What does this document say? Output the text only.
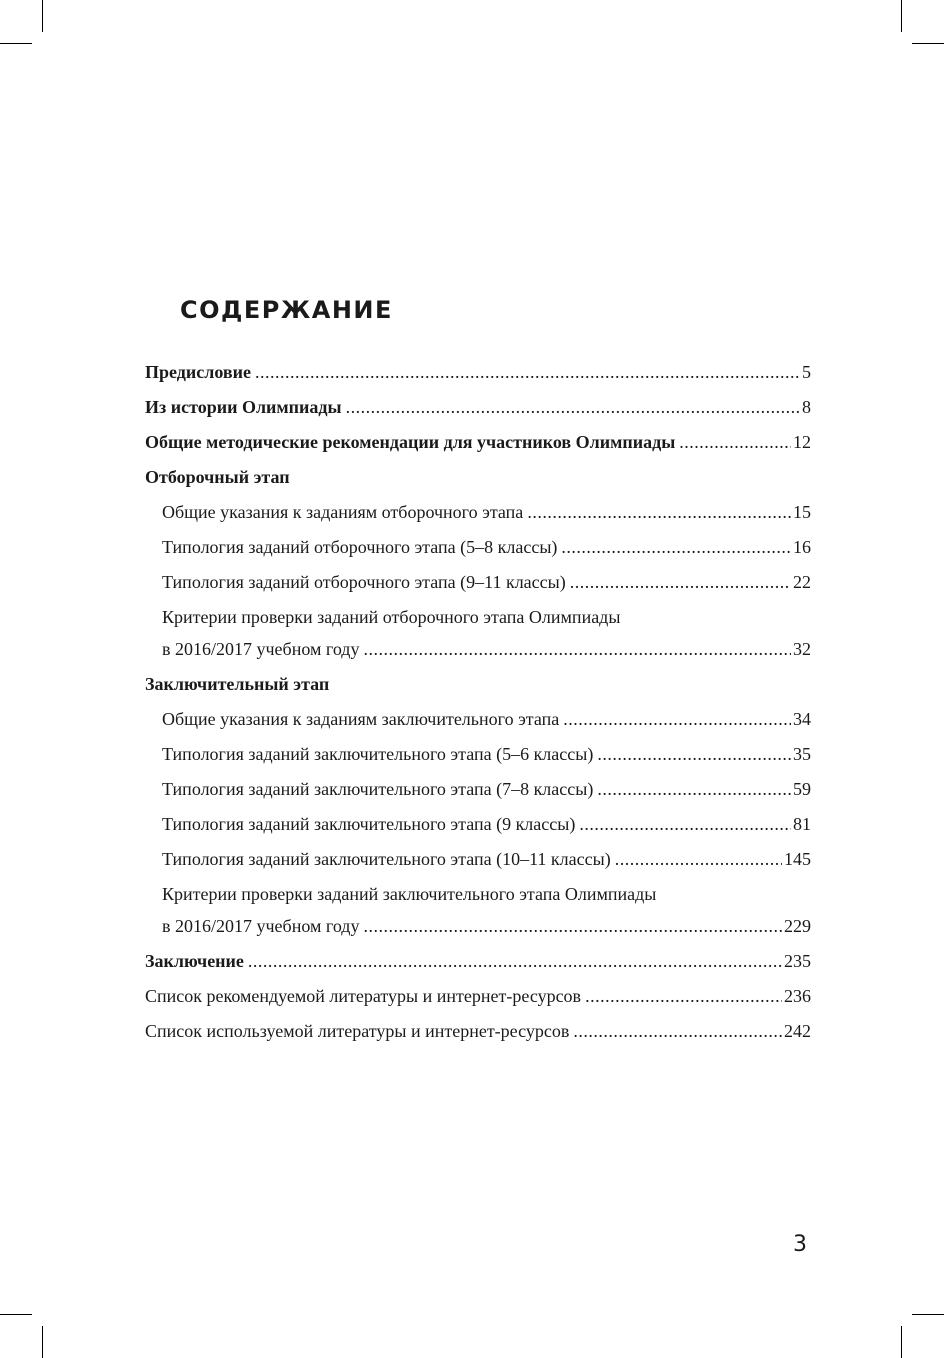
СОДЕРЖАНИЕ
Предисловие .....	5
Из истории Олимпиады .....	8
Общие методические рекомендации для участников Олимпиады .....	12
Отборочный этап
Общие указания к заданиям отборочного этапа .....	15
Типология заданий отборочного этапа (5–8 классы) .....	16
Типология заданий отборочного этапа (9–11 классы) .....	22
Критерии проверки заданий отборочного этапа Олимпиады
в 2016/2017 учебном году .....	32
Заключительный этап
Общие указания к заданиям заключительного этапа .....	34
Типология заданий заключительного этапа (5–6 классы) .....	35
Типология заданий заключительного этапа (7–8 классы) .....	59
Типология заданий заключительного этапа (9 классы) .....	81
Типология заданий заключительного этапа (10–11 классы) .....	145
Критерии проверки заданий заключительного этапа Олимпиады
в 2016/2017 учебном году .....	229
Заключение .....	235
Список рекомендуемой литературы и интернет-ресурсов .....	236
Список используемой литературы и интернет-ресурсов .....	242
3
